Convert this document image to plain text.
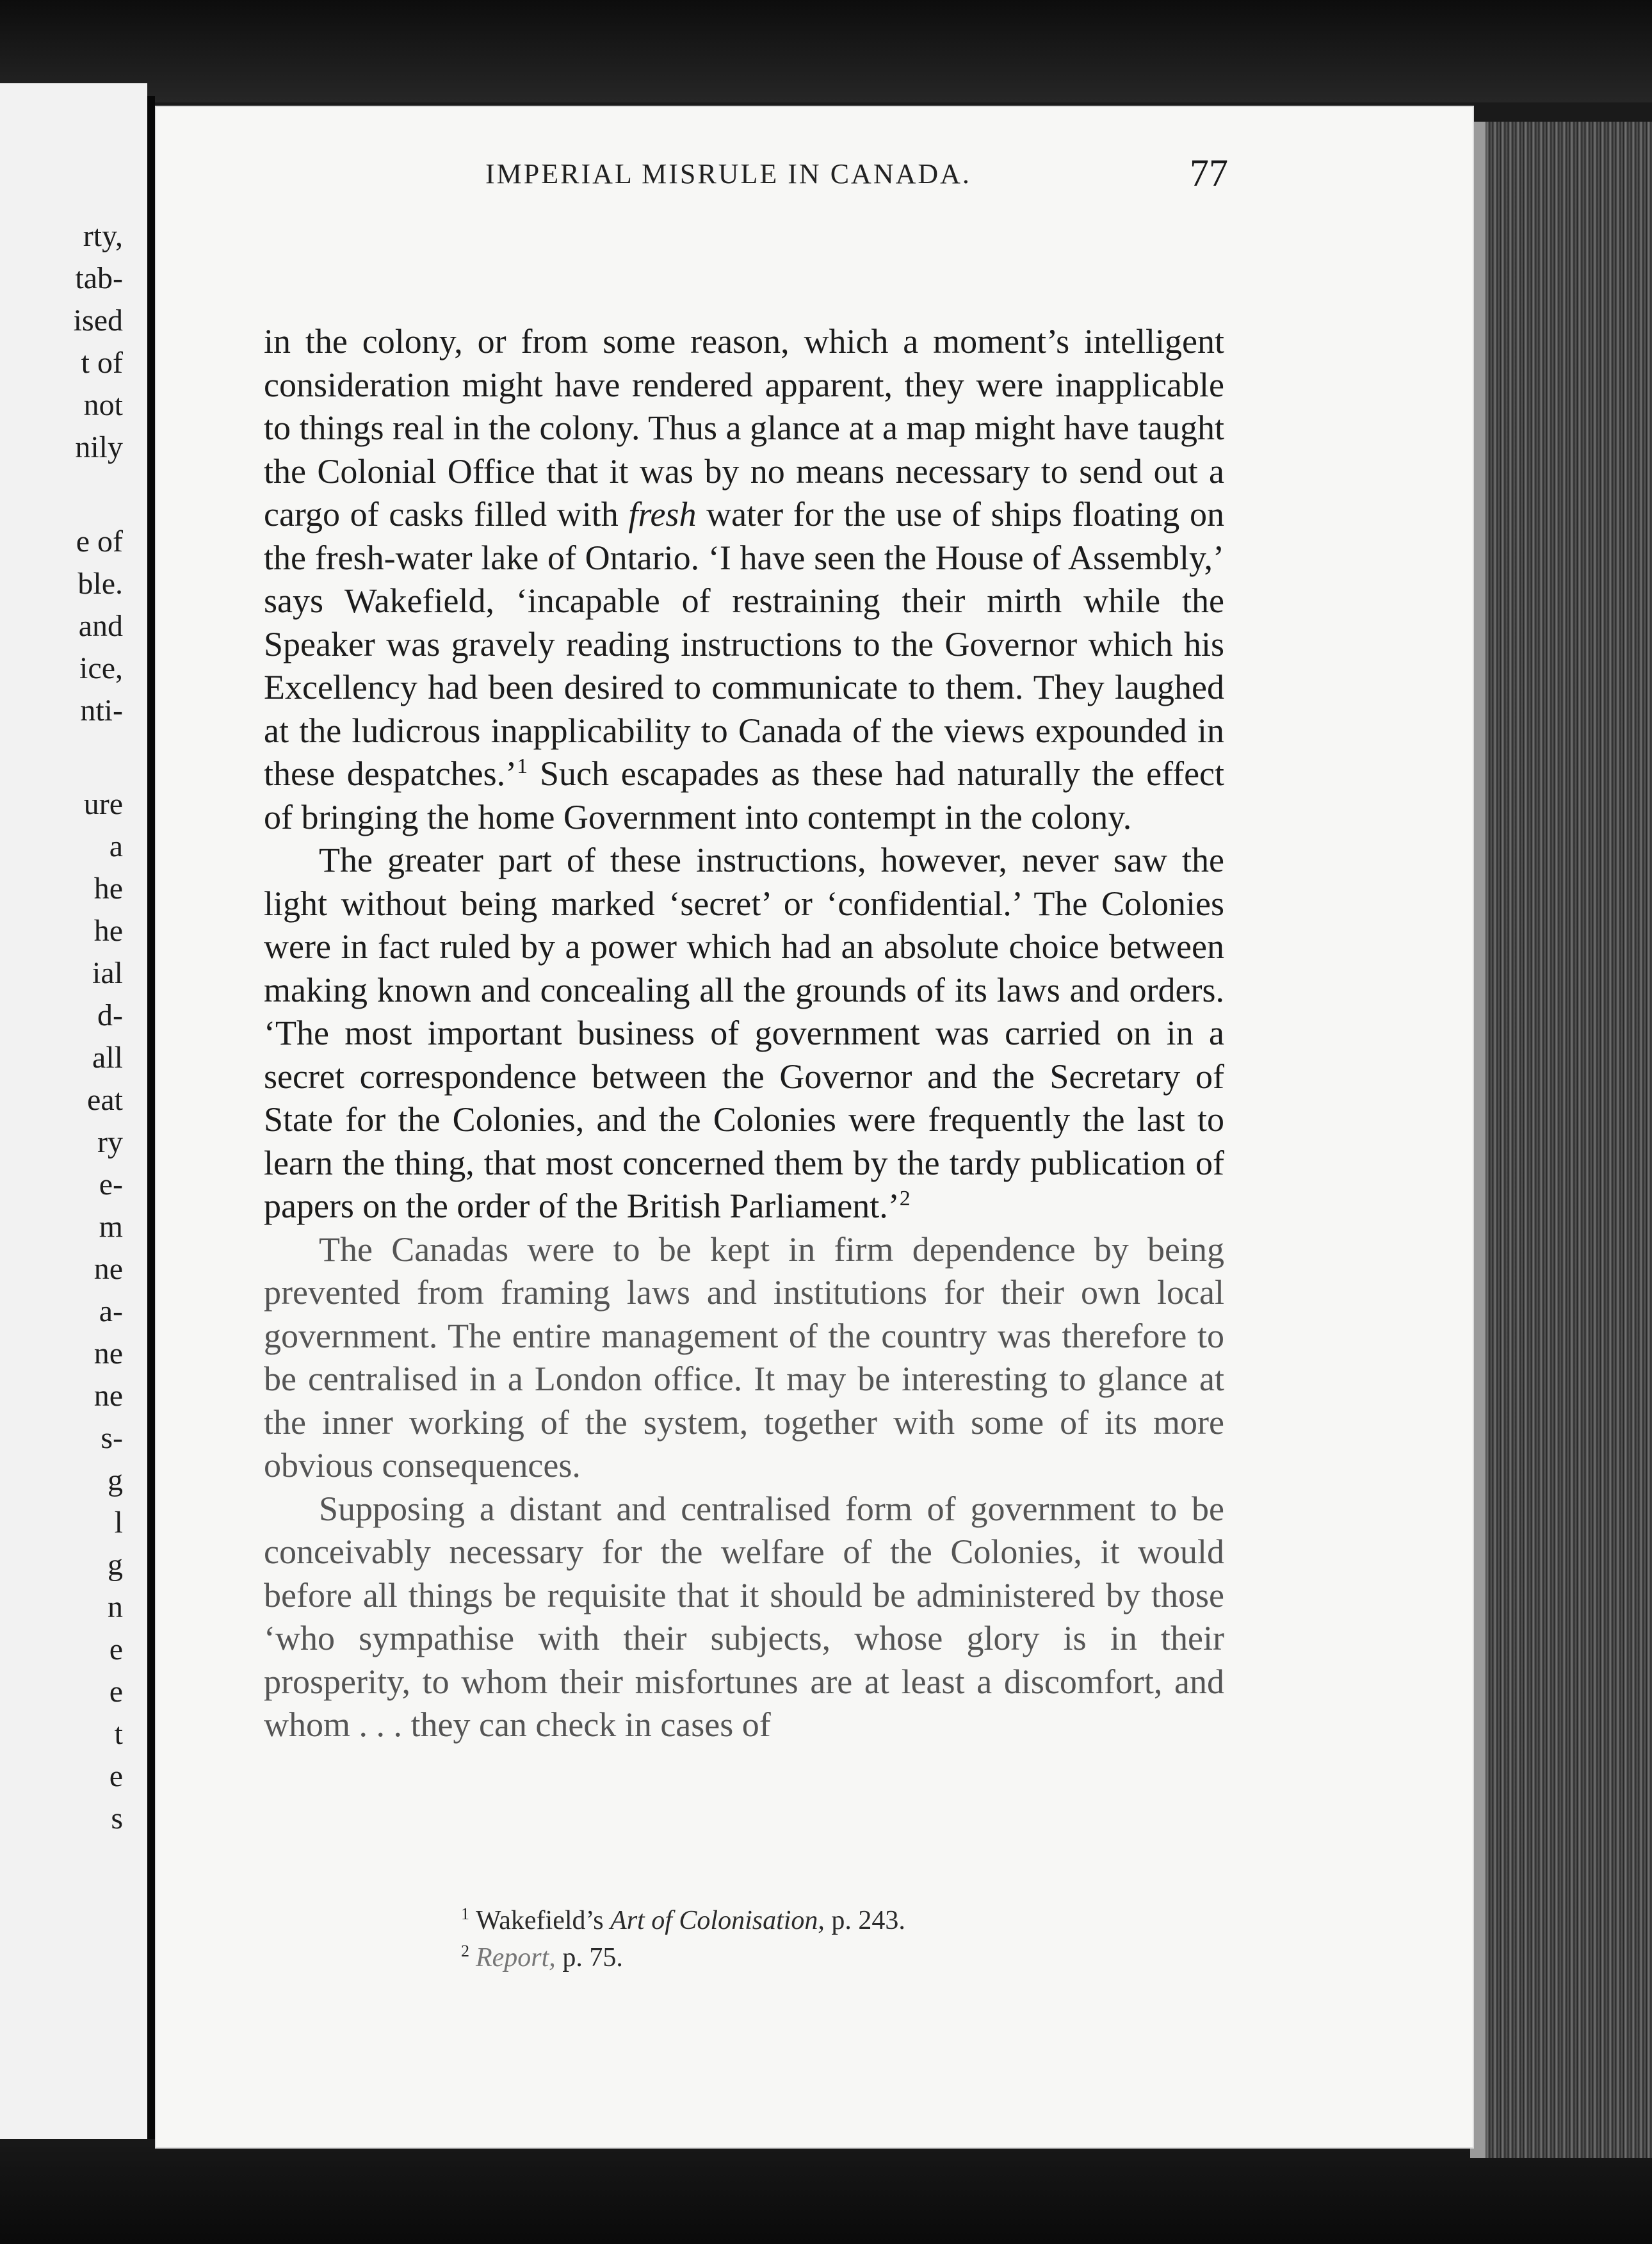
rty,

tab-

ised

t of

not

nily

e of

ble.

and

ice,

nti-

ure

a

he

he

ial

d-

all

eat

ry

e-

m

ne

a-

ne

ne

s-

g

l

g

n

e

e

t

e

s

IMPERIAL MISRULE IN CANADA.	77

in the colony, or from some reason, which a moment’s intelligent consideration might have rendered apparent, they were inapplicable to things real in the colony. Thus a glance at a map might have taught the Colonial Office that it was by no means necessary to send out a cargo of casks filled with fresh water for the use of ships floating on the fresh-water lake of Ontario. ‘I have seen the House of Assembly,’ says Wakefield, ‘incapable of restraining their mirth while the Speaker was gravely reading instructions to the Governor which his Excellency had been desired to communicate to them. They laughed at the ludicrous inapplicability to Canada of the views expounded in these despatches.’$^1$ Such escapades as these had naturally the effect of bringing the home Government into contempt in the colony.

The greater part of these instructions, however, never saw the light without being marked ‘secret’ or ‘confidential.’ The Colonies were in fact ruled by a power which had an absolute choice between making known and concealing all the grounds of its laws and orders. ‘The most important business of government was carried on in a secret correspondence between the Governor and the Secretary of State for the Colonies, and the Colonies were frequently the last to learn the thing, that most concerned them by the tardy publication of papers on the order of the British Parliament.’$^2$

The Canadas were to be kept in firm dependence by being prevented from framing laws and institutions for their own local government. The entire management of the country was therefore to be centralised in a London office. It may be interesting to glance at the inner working of the system, together with some of its more obvious consequences.

Supposing a distant and centralised form of government to be conceivably necessary for the welfare of the Colonies, it would before all things be requisite that it should be administered by those ‘who sympathise with their subjects, whose glory is in their prosperity, to whom their misfortunes are at least a discomfort, and whom . . . they can check in cases of

$^1$ Wakefield’s Art of Colonisation, p. 243.

$^2$ Report, p. 75.
